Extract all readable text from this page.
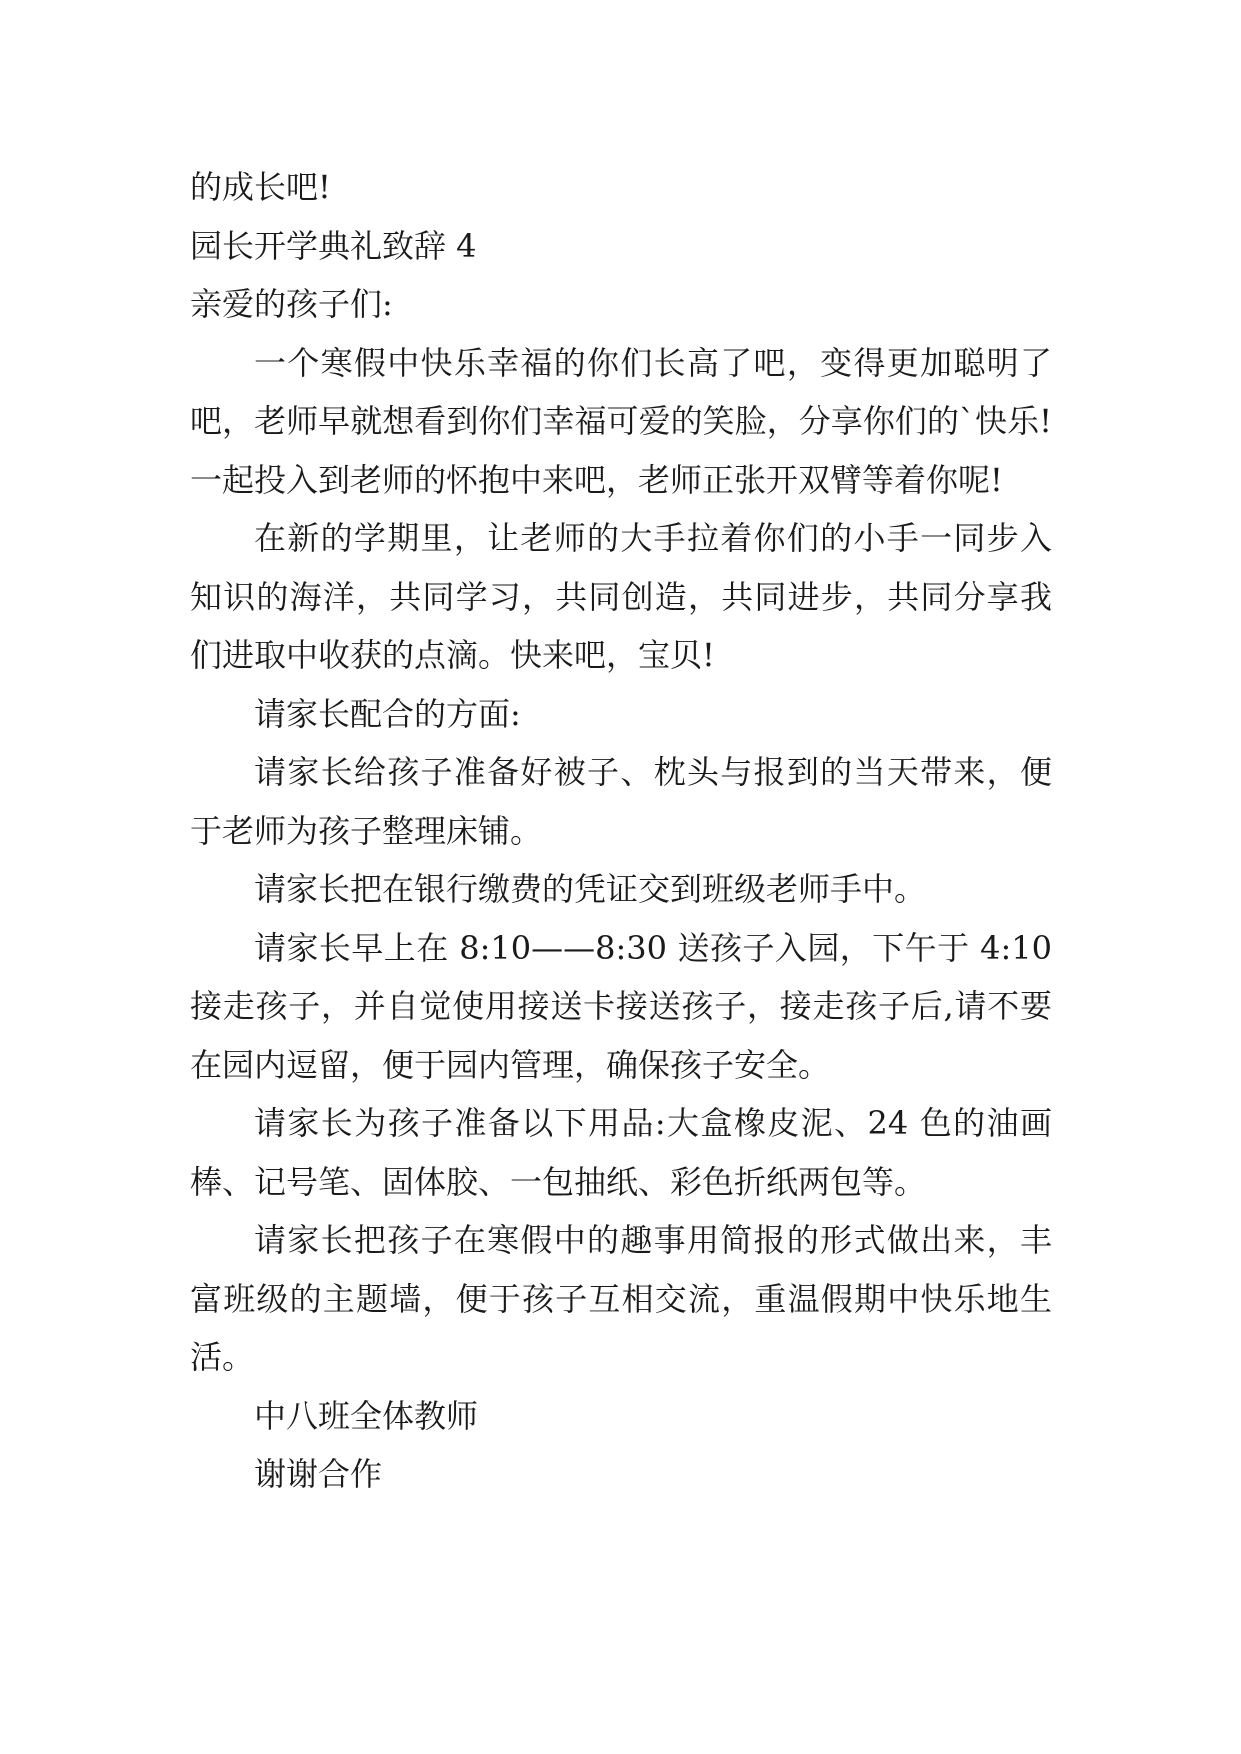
的成长吧!
园长开学典礼致辞 4
亲爱的孩子们:
一个寒假中快乐幸福的你们长高了吧，变得更加聪明了吧，老师早就想看到你们幸福可爱的笑脸，分享你们的`快乐!一起投入到老师的怀抱中来吧，老师正张开双臂等着你呢!
在新的学期里，让老师的大手拉着你们的小手一同步入知识的海洋，共同学习，共同创造，共同进步，共同分享我们进取中收获的点滴。快来吧，宝贝!
请家长配合的方面:
请家长给孩子准备好被子、枕头与报到的当天带来，便于老师为孩子整理床铺。
请家长把在银行缴费的凭证交到班级老师手中。
请家长早上在 8:10——8:30 送孩子入园，下午于 4:10 接走孩子，并自觉使用接送卡接送孩子，接走孩子后,请不要在园内逗留，便于园内管理，确保孩子安全。
请家长为孩子准备以下用品:大盒橡皮泥、24 色的油画棒、记号笔、固体胶、一包抽纸、彩色折纸两包等。
请家长把孩子在寒假中的趣事用简报的形式做出来，丰富班级的主题墙，便于孩子互相交流，重温假期中快乐地生活。
中八班全体教师
谢谢合作
